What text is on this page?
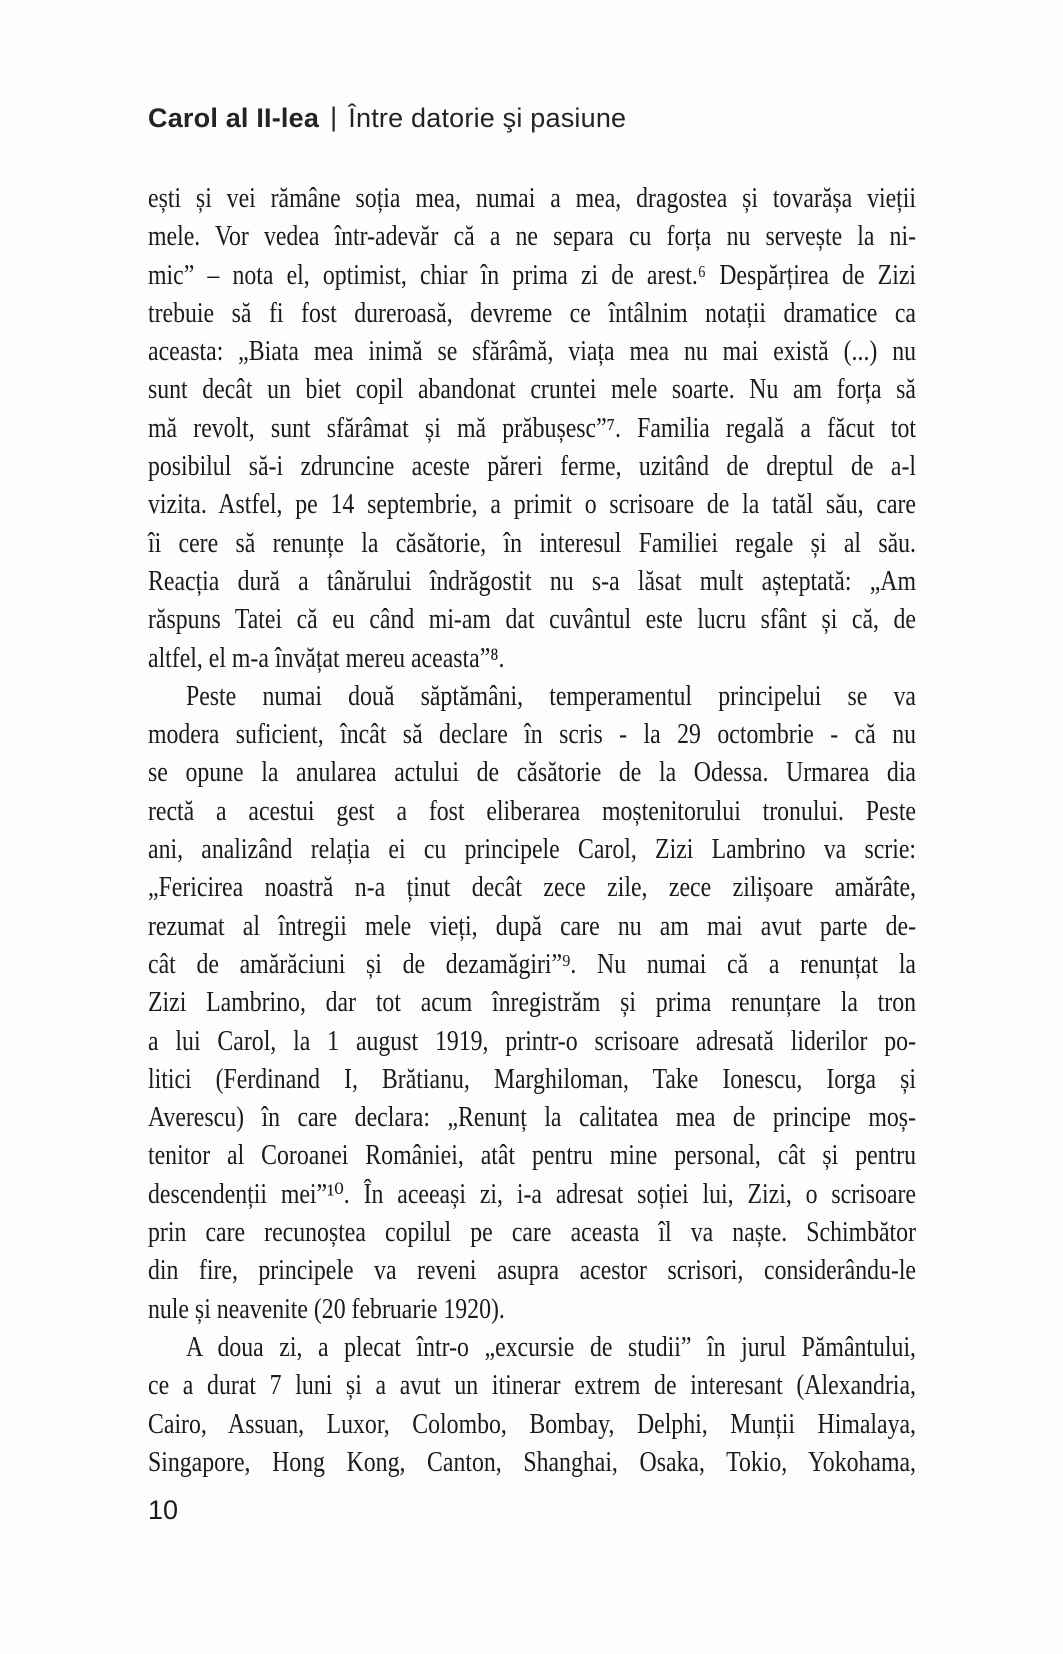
Carol al II-lea | Între datorie şi pasiune
ești și vei rămâne soția mea, numai a mea, dragostea și tovarășa vieții
mele. Vor vedea într-adevăr că a ne separa cu forța nu servește la ni-
mic” – nota el, optimist, chiar în prima zi de arest.⁶ Despărțirea de Zizi
trebuie să fi fost dureroasă, devreme ce întâlnim notații dramatice ca
aceasta: „Biata mea inimă se sfărâmă, viața mea nu mai există (...) nu
sunt decât un biet copil abandonat cruntei mele soarte. Nu am forța să
mă revolt, sunt sfărâmat și mă prăbușesc”⁷. Familia regală a făcut tot
posibilul să-i zdruncine aceste păreri ferme, uzitând de dreptul de a-l
vizita. Astfel, pe 14 septembrie, a primit o scrisoare de la tatăl său, care
îi cere să renunțe la căsătorie, în interesul Familiei regale și al său.
Reacția dură a tânărului îndrăgostit nu s-a lăsat mult așteptată: „Am
răspuns Tatei că eu când mi-am dat cuvântul este lucru sfânt și că, de
altfel, el m-a învățat mereu aceasta”⁸.
Peste numai două săptămâni, temperamentul principelui se va
modera suficient, încât să declare în scris - la 29 octombrie - că nu
se opune la anularea actului de căsătorie de la Odessa. Urmarea dia
rectă a acestui gest a fost eliberarea moștenitorului tronului. Peste
ani, analizând relația ei cu principele Carol, Zizi Lambrino va scrie:
„Fericirea noastră n-a ținut decât zece zile, zece zilișoare amărâte,
rezumat al întregii mele vieți, după care nu am mai avut parte de-
cât de amărăciuni și de dezamăgiri”⁹. Nu numai că a renunțat la
Zizi Lambrino, dar tot acum înregistrăm și prima renunțare la tron
a lui Carol, la 1 august 1919, printr-o scrisoare adresată liderilor po-
litici (Ferdinand I, Brătianu, Marghiloman, Take Ionescu, Iorga și
Averescu) în care declara: „Renunț la calitatea mea de principe moș-
tenitor al Coroanei României, atât pentru mine personal, cât și pentru
descendenții mei”¹⁰. În aceeași zi, i-a adresat soției lui, Zizi, o scrisoare
prin care recunoștea copilul pe care aceasta îl va naște. Schimbător
din fire, principele va reveni asupra acestor scrisori, considerându-le
nule și neavenite (20 februarie 1920).
A doua zi, a plecat într-o „excursie de studii” în jurul Pământului,
ce a durat 7 luni și a avut un itinerar extrem de interesant (Alexandria,
Cairo, Assuan, Luxor, Colombo, Bombay, Delphi, Munții Himalaya,
Singapore, Hong Kong, Canton, Shanghai, Osaka, Tokio, Yokohama,
10
